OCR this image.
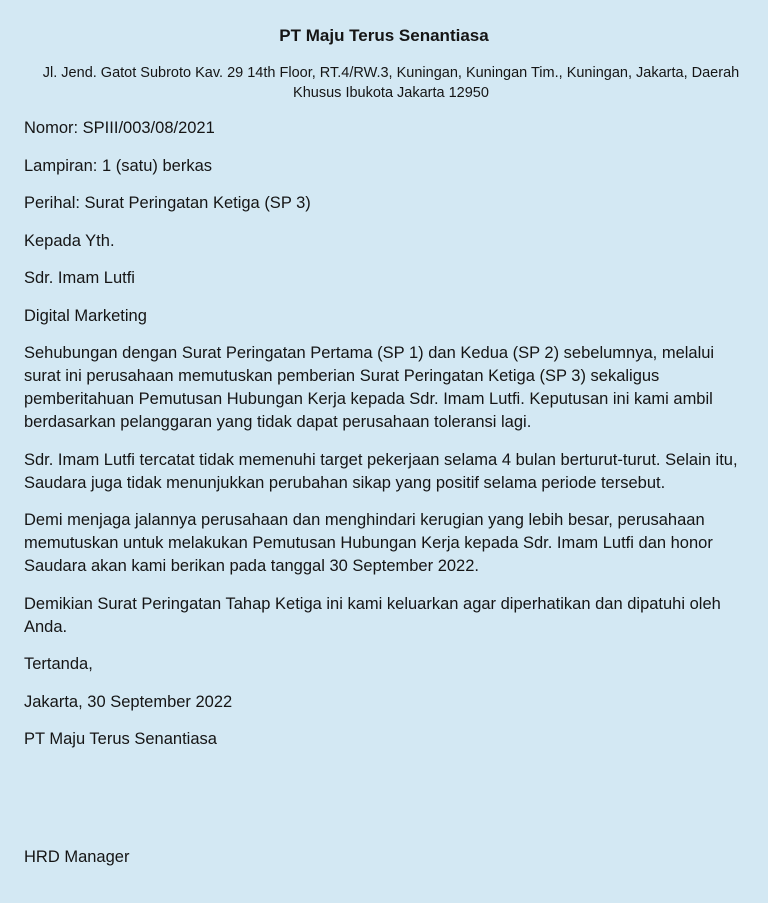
PT Maju Terus Senantiasa

Jl. Jend. Gatot Subroto Kav. 29 14th Floor, RT.4/RW.3, Kuningan, Kuningan Tim., Kuningan, Jakarta, Daerah Khusus Ibukota Jakarta 12950

Nomor: SPIII/003/08/2021

Lampiran: 1 (satu) berkas

Perihal: Surat Peringatan Ketiga (SP 3)

Kepada Yth.

Sdr. Imam Lutfi

Digital Marketing

Sehubungan dengan Surat Peringatan Pertama (SP 1) dan Kedua (SP 2) sebelumnya, melalui surat ini perusahaan memutuskan pemberian Surat Peringatan Ketiga (SP 3) sekaligus pemberitahuan Pemutusan Hubungan Kerja kepada Sdr. Imam Lutfi. Keputusan ini kami ambil berdasarkan pelanggaran yang tidak dapat perusahaan toleransi lagi.

Sdr. Imam Lutfi tercatat tidak memenuhi target pekerjaan selama 4 bulan berturut-turut. Selain itu, Saudara juga tidak menunjukkan perubahan sikap yang positif selama periode tersebut.

Demi menjaga jalannya perusahaan dan menghindari kerugian yang lebih besar, perusahaan memutuskan untuk melakukan Pemutusan Hubungan Kerja kepada Sdr. Imam Lutfi dan honor Saudara akan kami berikan pada tanggal 30 September 2022.

Demikian Surat Peringatan Tahap Ketiga ini kami keluarkan agar diperhatikan dan dipatuhi oleh Anda.

Tertanda,

Jakarta, 30 September 2022

PT Maju Terus Senantiasa

HRD Manager
